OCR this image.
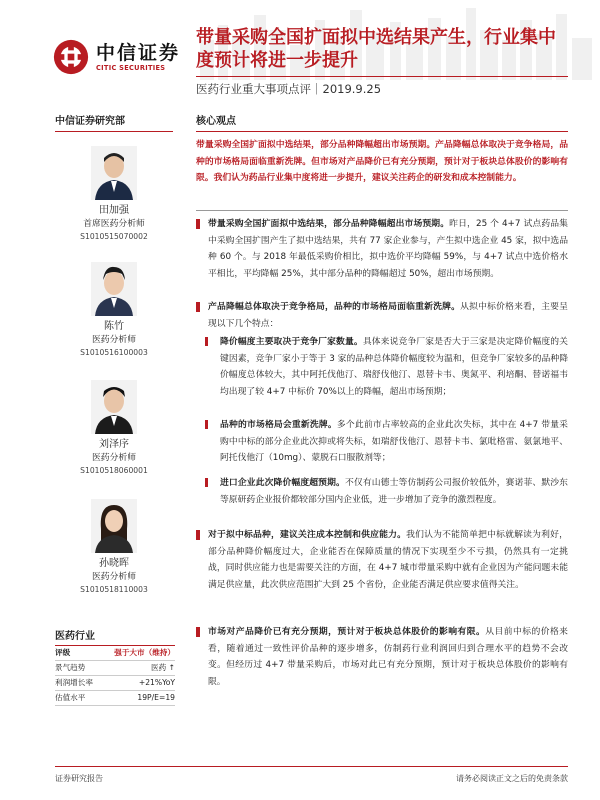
中信证券
CITIC SECURITIES
带量采购全国扩面拟中选结果产生，行业集中度预计将进一步提升
医药行业重大事项点评｜2019.9.25
中信证券研究部
田加强
首席医药分析师
S1010515070002
陈竹
医药分析师
S1010516100003
刘泽序
医药分析师
S1010518060001
孙晓晖
医药分析师
S1010518110003
医药行业
评级	强于大市（维持）
景气趋势	医药 ↑
利润增长率	+21%YoY
估值水平	19P/E=19
核心观点
带量采购全国扩面拟中选结果，部分品种降幅超出市场预期。产品降幅总体取决于竞争格局，品种的市场格局面临重新洗牌。但市场对产品降价已有充分预期，预计对于板块总体股价的影响有限。我们认为药品行业集中度将进一步提升，建议关注药企的研发和成本控制能力。
带量采购全国扩面拟中选结果，部分品种降幅超出市场预期。昨日，25 个 4+7 试点药品集中采购全国扩围产生了拟中选结果，共有 77 家企业参与，产生拟中选企业 45 家，拟中选品种 60 个。与 2018 年最低采购价相比，拟中选价平均降幅 59%，与 4+7 试点中选价格水平相比，平均降幅 25%，其中部分品种的降幅超过 50%，超出市场预期。
产品降幅总体取决于竞争格局，品种的市场格局面临重新洗牌。从拟中标价格来看，主要呈现以下几个特点：
降价幅度主要取决于竞争厂家数量。具体来说竞争厂家是否大于三家是决定降价幅度的关键因素，竞争厂家小于等于 3 家的品种总体降价幅度较为温和，但竞争厂家较多的品种降价幅度总体较大，其中阿托伐他汀、瑞舒伐他汀、恩替卡韦、奥氮平、利培酮、替诺福韦均出现了较 4+7 中标价 70%以上的降幅，超出市场预期；
品种的市场格局会重新洗牌。多个此前市占率较高的企业此次失标，其中在 4+7 带量采购中中标的部分企业此次抑或将失标，如瑞舒伐他汀、恩替卡韦、氯吡格雷、氨氯地平、阿托伐他汀（10mg）、蒙脱石口服散剂等；
进口企业此次降价幅度超预期。不仅有山德士等仿制药公司报价较低外，赛诺菲、默沙东等原研药企业报价都较部分国内企业低，进一步增加了竞争的激烈程度。
对于拟中标品种，建议关注成本控制和供应能力。我们认为不能简单把中标就解读为利好，部分品种降价幅度过大，企业能否在保障质量的情况下实现至少不亏损，仍然具有一定挑战，同时供应能力也是需要关注的方面，在 4+7 城市带量采购中就有企业因为产能问题未能满足供应量，此次供应范围扩大到 25 个省份，企业能否满足供应要求值得关注。
市场对产品降价已有充分预期，预计对于板块总体股价的影响有限。从目前中标的价格来看，随着通过一致性评价品种的逐步增多，仿制药行业利润回归到合理水平的趋势不会改变。但经历过 4+7 带量采购后，市场对此已有充分预期，预计对于板块总体股价的影响有限。
证券研究报告	请务必阅读正文之后的免责条款
